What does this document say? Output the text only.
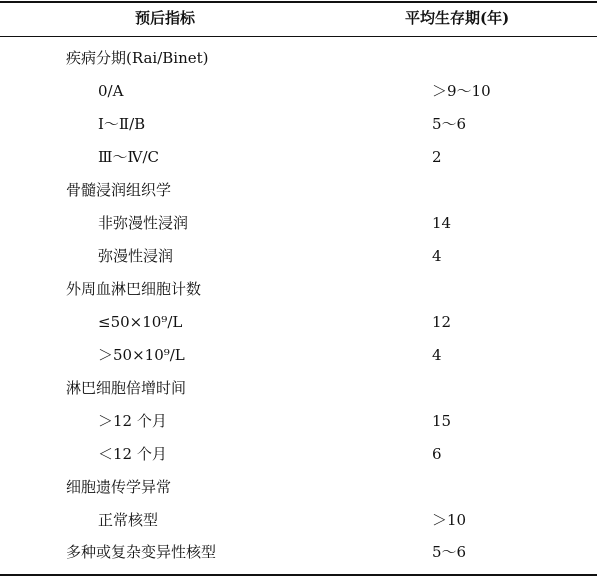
预后指标	平均生存期(年)
疾病分期(Rai/Binet)
0/A	＞9～10
Ⅰ～Ⅱ/B	5～6
Ⅲ～Ⅳ/C	2
骨髓浸润组织学
非弥漫性浸润	14
弥漫性浸润	4
外周血淋巴细胞计数
≤50×10⁹/L	12
＞50×10⁹/L	4
淋巴细胞倍增时间
＞12 个月	15
＜12 个月	6
细胞遗传学异常
正常核型	＞10
多种或复杂变异性核型	5～6
